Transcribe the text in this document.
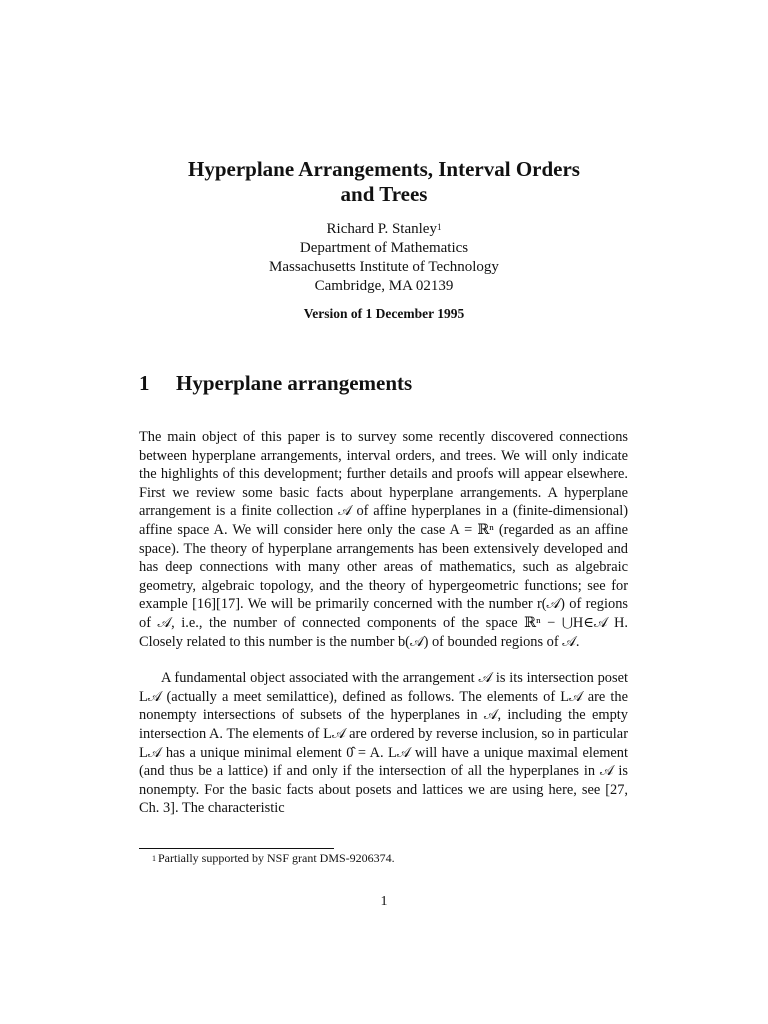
Hyperplane Arrangements, Interval Orders
and Trees
Richard P. Stanley$^1$
Department of Mathematics
Massachusetts Institute of Technology
Cambridge, MA 02139
Version of 1 December 1995
1 Hyperplane arrangements

The main object of this paper is to survey some recently discovered connections between hyperplane arrangements, interval orders, and trees. We will only indicate the highlights of this development; further details and proofs will appear elsewhere. First we review some basic facts about hyperplane arrangements. A hyperplane arrangement is a finite collection 𝒜 of affine hyperplanes in a (finite-dimensional) affine space A. We will consider here only the case A = ℝⁿ (regarded as an affine space). The theory of hyperplane arrangements has been extensively developed and has deep connections with many other areas of mathematics, such as algebraic geometry, algebraic topology, and the theory of hypergeometric functions; see for example [16][17]. We will be primarily concerned with the number r(𝒜) of regions of 𝒜, i.e., the number of connected components of the space ℝⁿ − ⋃H∈𝒜 H. Closely related to this number is the number b(𝒜) of bounded regions of 𝒜.

A fundamental object associated with the arrangement 𝒜 is its intersection poset L𝒜 (actually a meet semilattice), defined as follows. The elements of L𝒜 are the nonempty intersections of subsets of the hyperplanes in 𝒜, including the empty intersection A. The elements of L𝒜 are ordered by reverse inclusion, so in particular L𝒜 has a unique minimal element 0̂ = A. L𝒜 will have a unique maximal element (and thus be a lattice) if and only if the intersection of all the hyperplanes in 𝒜 is nonempty. For the basic facts about posets and lattices we are using here, see [27, Ch. 3]. The characteristic

$^1$ Partially supported by NSF grant DMS-9206374.
1
